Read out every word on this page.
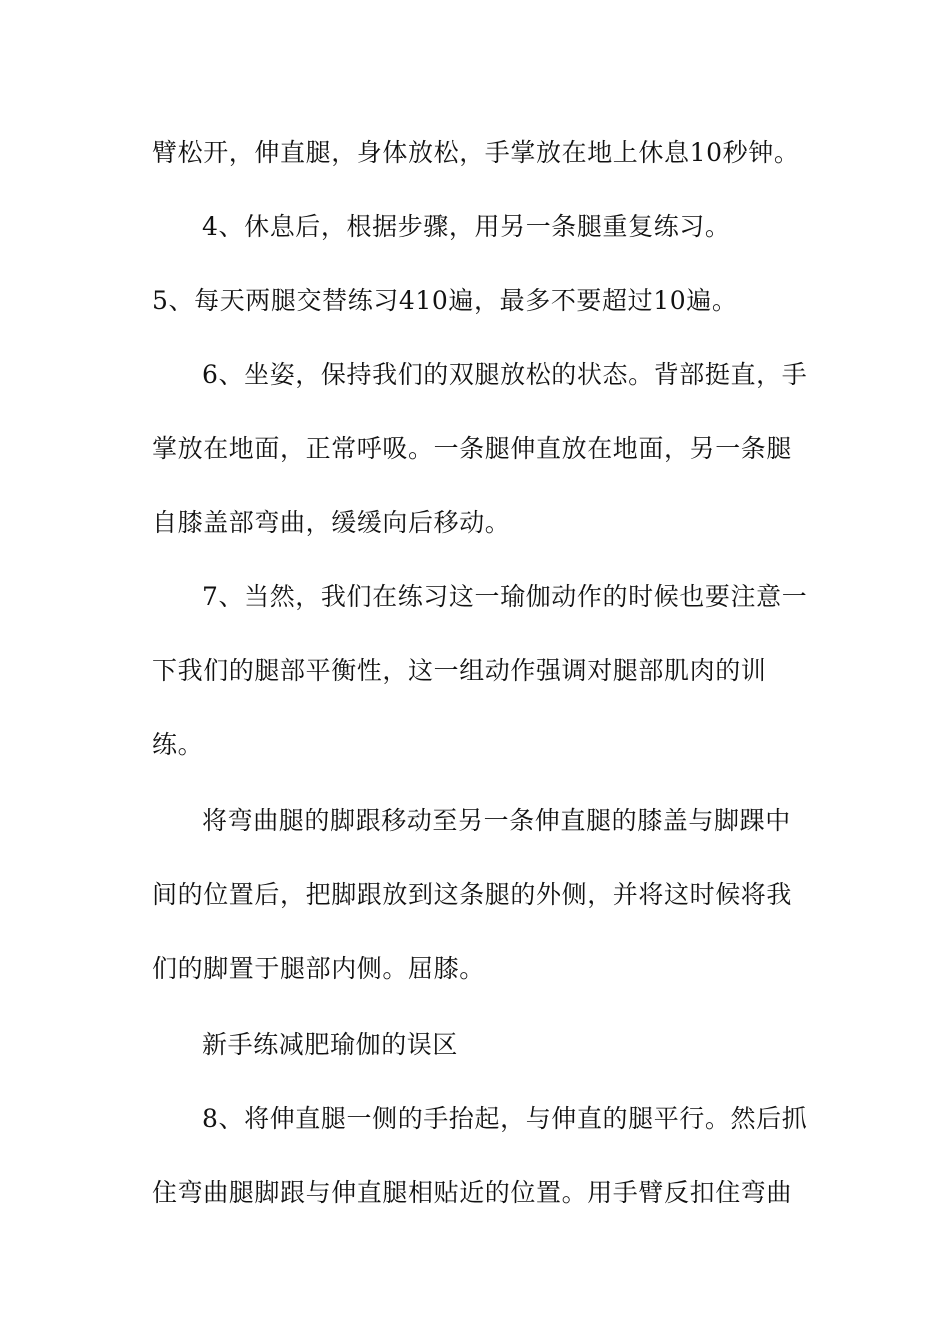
臂松开，伸直腿，身体放松，手掌放在地上休息10秒钟。
4、休息后，根据步骤，用另一条腿重复练习。
5、每天两腿交替练习410遍，最多不要超过10遍。
6、坐姿，保持我们的双腿放松的状态。背部挺直，手
掌放在地面，正常呼吸。一条腿伸直放在地面，另一条腿
自膝盖部弯曲，缓缓向后移动。
7、当然，我们在练习这一瑜伽动作的时候也要注意一
下我们的腿部平衡性，这一组动作强调对腿部肌肉的训
练。
将弯曲腿的脚跟移动至另一条伸直腿的膝盖与脚踝中
间的位置后，把脚跟放到这条腿的外侧，并将这时候将我
们的脚置于腿部内侧。屈膝。
新手练减肥瑜伽的误区
8、将伸直腿一侧的手抬起，与伸直的腿平行。然后抓
住弯曲腿脚跟与伸直腿相贴近的位置。用手臂反扣住弯曲
